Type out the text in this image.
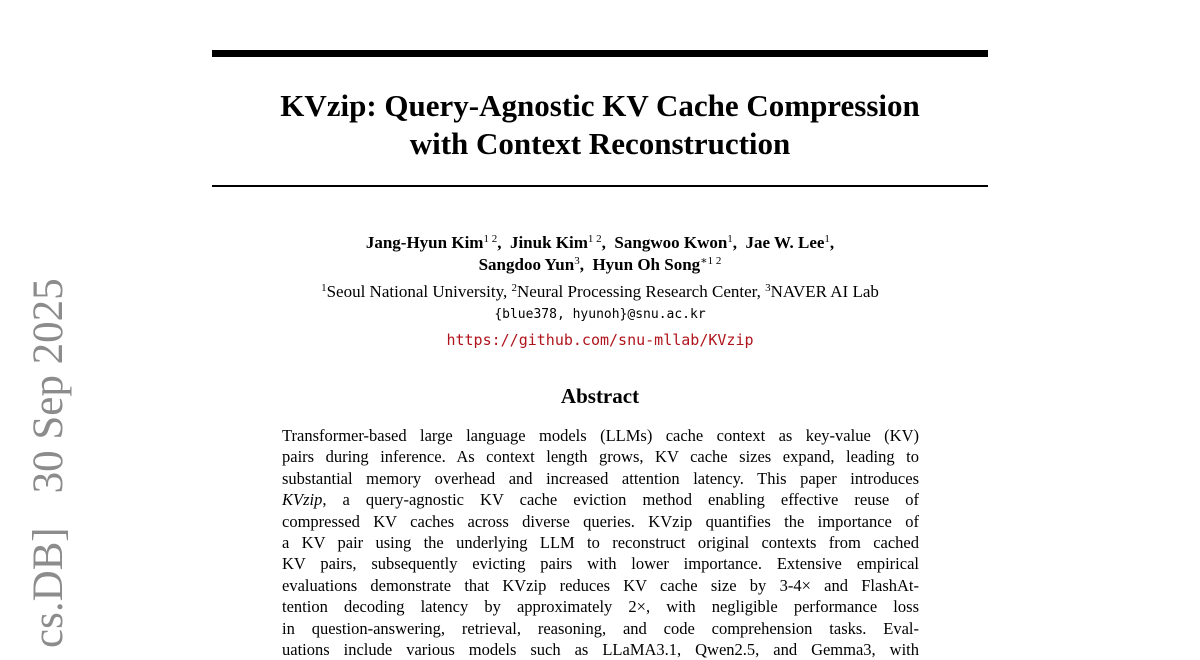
cs.DB]30 Sep 2025
KVzip: Query-Agnostic KV Cache Compression
with Context Reconstruction
Jang-Hyun Kim$^{1 2}$,  Jinuk Kim$^{1 2}$,  Sangwoo Kwon$^1$,  Jae W. Lee$^1$,
Sangdoo Yun$^3$,  Hyun Oh Song$^{∗1 2}$
$^1$Seoul National University, $^2$Neural Processing Research Center, $^3$NAVER AI Lab
{blue378, hyunoh}@snu.ac.kr
https://github.com/snu-mllab/KVzip
Abstract
Transformer-based large language models (LLMs) cache context as key-value (KV)
pairs during inference. As context length grows, KV cache sizes expand, leading to
substantial memory overhead and increased attention latency. This paper introduces
KVzip, a query-agnostic KV cache eviction method enabling effective reuse of
compressed KV caches across diverse queries. KVzip quantifies the importance of
a KV pair using the underlying LLM to reconstruct original contexts from cached
KV pairs, subsequently evicting pairs with lower importance. Extensive empirical
evaluations demonstrate that KVzip reduces KV cache size by 3-4× and FlashAt-
tention decoding latency by approximately 2×, with negligible performance loss
in question-answering, retrieval, reasoning, and code comprehension tasks. Eval-
uations include various models such as LLaMA3.1, Qwen2.5, and Gemma3, with
